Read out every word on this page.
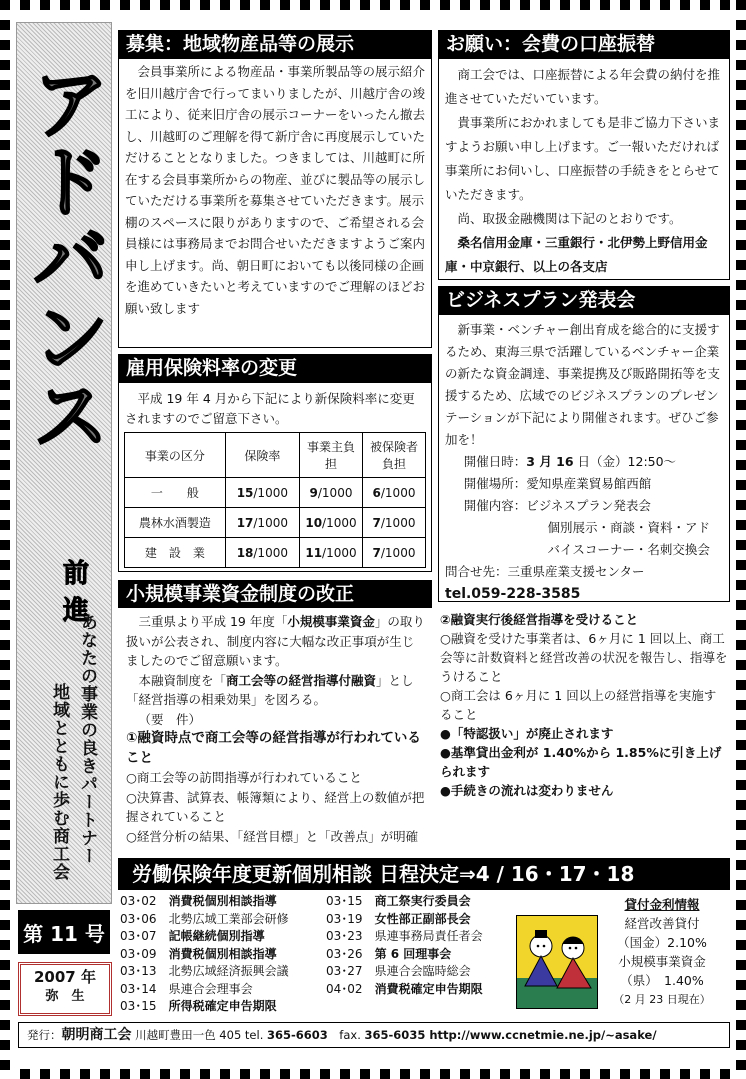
アドバンス
前進
あなたの事業の良きパートナー
地域とともに歩む商工会
第 11 号
2007 年
弥　生
募集：地域物産品等の展示
会員事業所による物産品・事業所製品等の展示紹介を旧川越庁舎で行ってまいりましたが、川越庁舎の竣工により、従来旧庁舎の展示コーナーをいったん撤去し、川越町のご理解を得て新庁舎に再度展示していただけることとなりました。つきましては、川越町に所在する会員事業所からの物産、並びに製品等の展示していただける事業所を募集させていただきます。展示棚のスペースに限りがありますので、ご希望される会員様には事務局までお問合せいただきますようご案内申し上げます。尚、朝日町においても以後同様の企画を進めていきたいと考えていますのでご理解のほどお願い致します
お願い：会費の口座振替
商工会では、口座振替による年会費の納付を推進させていただいています。
貴事業所におかれましても是非ご協力下さいますようお願い申し上げます。ご一報いただければ事業所にお伺いし、口座振替の手続きをとらせていただきます。
尚、取扱金融機関は下記のとおりです。
桑名信用金庫・三重銀行・北伊勢上野信用金庫・中京銀行、以上の各支店
雇用保険料率の変更
平成 19 年 4 月から下記により新保険料率に変更されますのでご留意下さい。
事業の区分	保険率	事業主負担	被保険者負担
一　　般	15/1000	9/1000	6/1000
農林水酒製造	17/1000	10/1000	7/1000
建　設　業	18/1000	11/1000	7/1000
ビジネスプラン発表会
新事業・ベンチャー創出育成を総合的に支援するため、東海三県で活躍しているベンチャー企業の新たな資金調達、事業提携及び販路開拓等を支援するため、広域でのビジネスプランのプレゼンテーションが下記により開催されます。ぜひご参加を！
開催日時：3 月 16 日（金）12:50～
開催場所：愛知県産業貿易館西館
開催内容：ビジネスプラン発表会
個別展示・商談・資料・アド
バイスコーナー・名刺交換会
問合せ先：三重県産業支援センター
tel.059-228-3585
小規模事業資金制度の改正

三重県より平成 19 年度「小規模事業資金」の取り扱いが公表され、制度内容に大幅な改正事項が生じましたのでご留意願います。

本融資制度を「商工会等の経営指導付融資」とし「経営指導の相乗効果」を図ろる。

（要　件）

①融資時点で商工会等の経営指導が行われていること

○商工会等の訪問指導が行われていること

○決算書、試算表、帳簿類により、経営上の数値が把握されていること

○経営分析の結果、「経営目標」と「改善点」が明確

②融資実行後経営指導を受けること

○融資を受けた事業者は、6ヶ月に 1 回以上、商工会等に計数資料と経営改善の状況を報告し、指導をうけること

○商工会は 6ヶ月に 1 回以上の経営指導を実施すること

●「特認扱い」が廃止されます

●基準貸出金利が 1.40%から 1.85%に引き上げられます

●手続きの流れは変わりません

労働保険年度更新個別相談 日程決定⇒4 / 16・17・18
03･02　 消費税個別相談指導
03･06　 北勢広域工業部会研修
03･07　 記帳継続個別指導
03･09　 消費税個別相談指導
03･13　 北勢広域経済振興会議
03･14　 県連合会理事会
03･15　 所得税確定申告期限
03･15　 商工祭実行委員会
03･19　 女性部正副部長会
03･23　 県連事務局責任者会
03･26　 第 6 回理事会
03･27　 県連合会臨時総会
04･02　 消費税確定申告期限
貸付金利情報
経営改善貸付
（国金）2.10%
小規模事業資金
（県）　1.40%
（2 月 23 日現在）
発行：朝明商工会 川越町豊田一色 405 tel. 365-6603　fax. 365-6035 http://www.ccnetmie.ne.jp/~asake/
